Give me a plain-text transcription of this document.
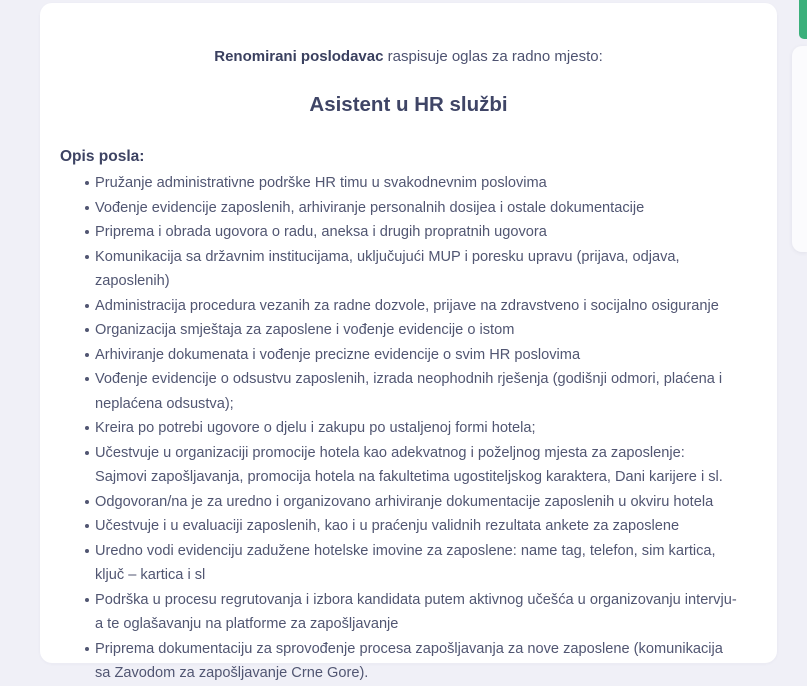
Renomirani poslodavac raspisuje oglas za radno mjesto:
Asistent u HR službi
Opis posla:
Pružanje administrativne podrške HR timu u svakodnevnim poslovima
Vođenje evidencije zaposlenih, arhiviranje personalnih dosijea i ostale dokumentacije
Priprema i obrada ugovora o radu, aneksa i drugih propratnih ugovora
Komunikacija sa državnim institucijama, uključujući MUP i poresku upravu (prijava, odjava, zaposlenih)
Administracija procedura vezanih za radne dozvole, prijave na zdravstveno i socijalno osiguranje
Organizacija smještaja za zaposlene i vođenje evidencije o istom
Arhiviranje dokumenata i vođenje precizne evidencije o svim HR poslovima
Vođenje evidencije o odsustvu zaposlenih, izrada neophodnih rješenja (godišnji odmori, plaćena i neplaćena odsustva);
Kreira po potrebi ugovore o djelu i zakupu po ustaljenoj formi hotela;
Učestvuje u organizaciji promocije hotela kao adekvatnog i poželjnog mjesta za zaposlenje: Sajmovi zapošljavanja, promocija hotela na fakultetima ugostiteljskog karaktera, Dani karijere i sl.
Odgovoran/na je za uredno i organizovano arhiviranje dokumentacije zaposlenih u okviru hotela
Učestvuje i u evaluaciji zaposlenih, kao i u praćenju validnih rezultata ankete za zaposlene
Uredno vodi evidenciju zadužene hotelske imovine za zaposlene: name tag, telefon, sim kartica, ključ – kartica i sl
Podrška u procesu regrutovanja i izbora kandidata putem aktivnog učešća u organizovanju intervju-a te oglašavanju na platforme za zapošljavanje
Priprema dokumentaciju za sprovođenje procesa zapošljavanja za nove zaposlene (komunikacija sa Zavodom za zapošljavanje Crne Gore).
